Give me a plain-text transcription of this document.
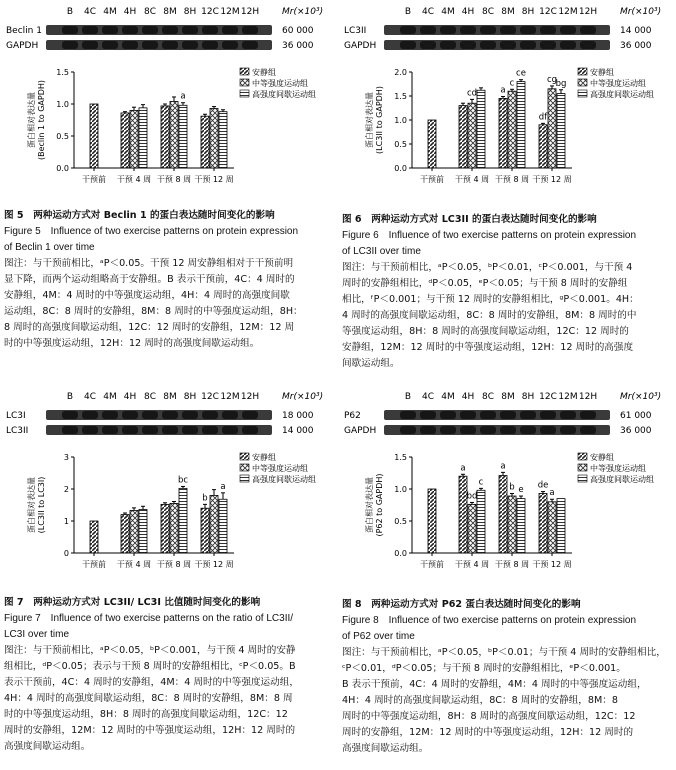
B 4C 4M 4H 8C 8M 8H 12C 12M 12H	Mr(×10³)
Beclin 1	60 000
GAPDH	36 000
0.0
0.5
1.0
1.5
蛋白相对表达量 (Beclin 1 to GAPDH)
干预前 干预 4 周 干预 8 周
a
干预 12 周
安静组
中等强度运动组
高强度间歇运动组

图 5　两种运动方式对 Beclin 1 的蛋白表达随时间变化的影响

Figure 5　Influence of two exercise patterns on protein expression

of Beclin 1 over time

图注：与干预前相比，ᵃP＜0.05。干预 12 周安静组相对于干预前明

显下降，而两个运动组略高于安静组。B 表示干预前，4C：4 周时的

安静组，4M：4 周时的中等强度运动组，4H：4 周时的高强度间歇

运动组，8C：8 周时的安静组，8M：8 周时的中等强度运动组，8H：

8 周时的高强度间歇运动组，12C：12 周时的安静组，12M：12 周

时的中等强度运动组，12H：12 周时的高强度间歇运动组。

B 4C 4M 4H 8C 8M 8H 12C 12M 12H	Mr(×10³)
LC3II	14 000
GAPDH	36 000
0.0
0.5
1.0
1.5
2.0
蛋白相对表达量 (LC3II to GAPDH)
干预前 干预 4 周
cd
干预 8 周
a
c
ce
干预 12 周
df
cg
bg
安静组
中等强度运动组
高强度间歇运动组

图 6　两种运动方式对 LC3II 的蛋白表达随时间变化的影响

Figure 6　Influence of two exercise patterns on protein expression

of LC3II over time

图注：与干预前相比，ᵃP＜0.05，ᵇP＜0.01，ᶜP＜0.001，与干预 4

周时的安静组相比，ᵈP＜0.05，ᵉP＜0.05；与干预 8 周时的安静组

相比，ᶠP＜0.001；与干预 12 周时的安静组相比，ᵍP＜0.001。4H：

4 周时的高强度间歇运动组，8C：8 周时的安静组，8M：8 周时的中

等强度运动组，8H：8 周时的高强度间歇运动组，12C：12 周时的

安静组，12M：12 周时的中等强度运动组，12H：12 周时的高强度

间歇运动组。

B 4C 4M 4H 8C 8M 8H 12C 12M 12H	Mr(×10³)
LC3I	18 000
LC3II	14 000
0
1
2
3
蛋白相对表达量 (LC3II to LC3I)
干预前 干预 4 周 干预 8 周
bc
干预 12 周
b
a
安静组
中等强度运动组
高强度间歇运动组

图 7　两种运动方式对 LC3II/ LC3I 比值随时间变化的影响

Figure 7　Influence of two exercise patterns on the ratio of LC3II/

LC3I over time

图注：与干预前相比，ᵃP＜0.05，ᵇP＜0.001，与干预 4 周时的安静

组相比，ᵈP＜0.05；表示与干预 8 周时的安静组相比，ᶜP＜0.05。B

表示干预前，4C：4 周时的安静组，4M：4 周时的中等强度运动组，

4H：4 周时的高强度间歇运动组，8C：8 周时的安静组，8M：8 周

时的中等强度运动组，8H：8 周时的高强度间歇运动组，12C：12

周时的安静组，12M：12 周时的中等强度运动组，12H：12 周时的

高强度间歇运动组。

B 4C 4M 4H 8C 8M 8H 12C 12M 12H	Mr(×10³)
P62	61 000
GAPDH	36 000
0.0
0.5
1.0
1.5
蛋白相对表达量 (P62 to GAPDH)
干预前 干预 4 周
a
bd
c
干预 8 周
a
b e
干预 12 周
de
a
安静组
中等强度运动组
高强度间歇运动组

图 8　两种运动方式对 P62 蛋白表达随时间变化的影响

Figure 8　Influence of two exercise patterns on protein expression

of P62 over time

图注：与干预前相比，ᵃP＜0.05，ᵇP＜0.01；与干预 4 周时的安静组相比，

ᶜP＜0.01，ᵈP＜0.05；与干预 8 周时的安静组相比，ᵉP＜0.001。

B 表示干预前，4C：4 周时的安静组，4M：4 周时的中等强度运动组，

4H：4 周时的高强度间歇运动组，8C：8 周时的安静组，8M：8

周时的中等强度运动组，8H：8 周时的高强度间歇运动组，12C：12

周时的安静组，12M：12 周时的中等强度运动组，12H：12 周时的

高强度间歇运动组。
